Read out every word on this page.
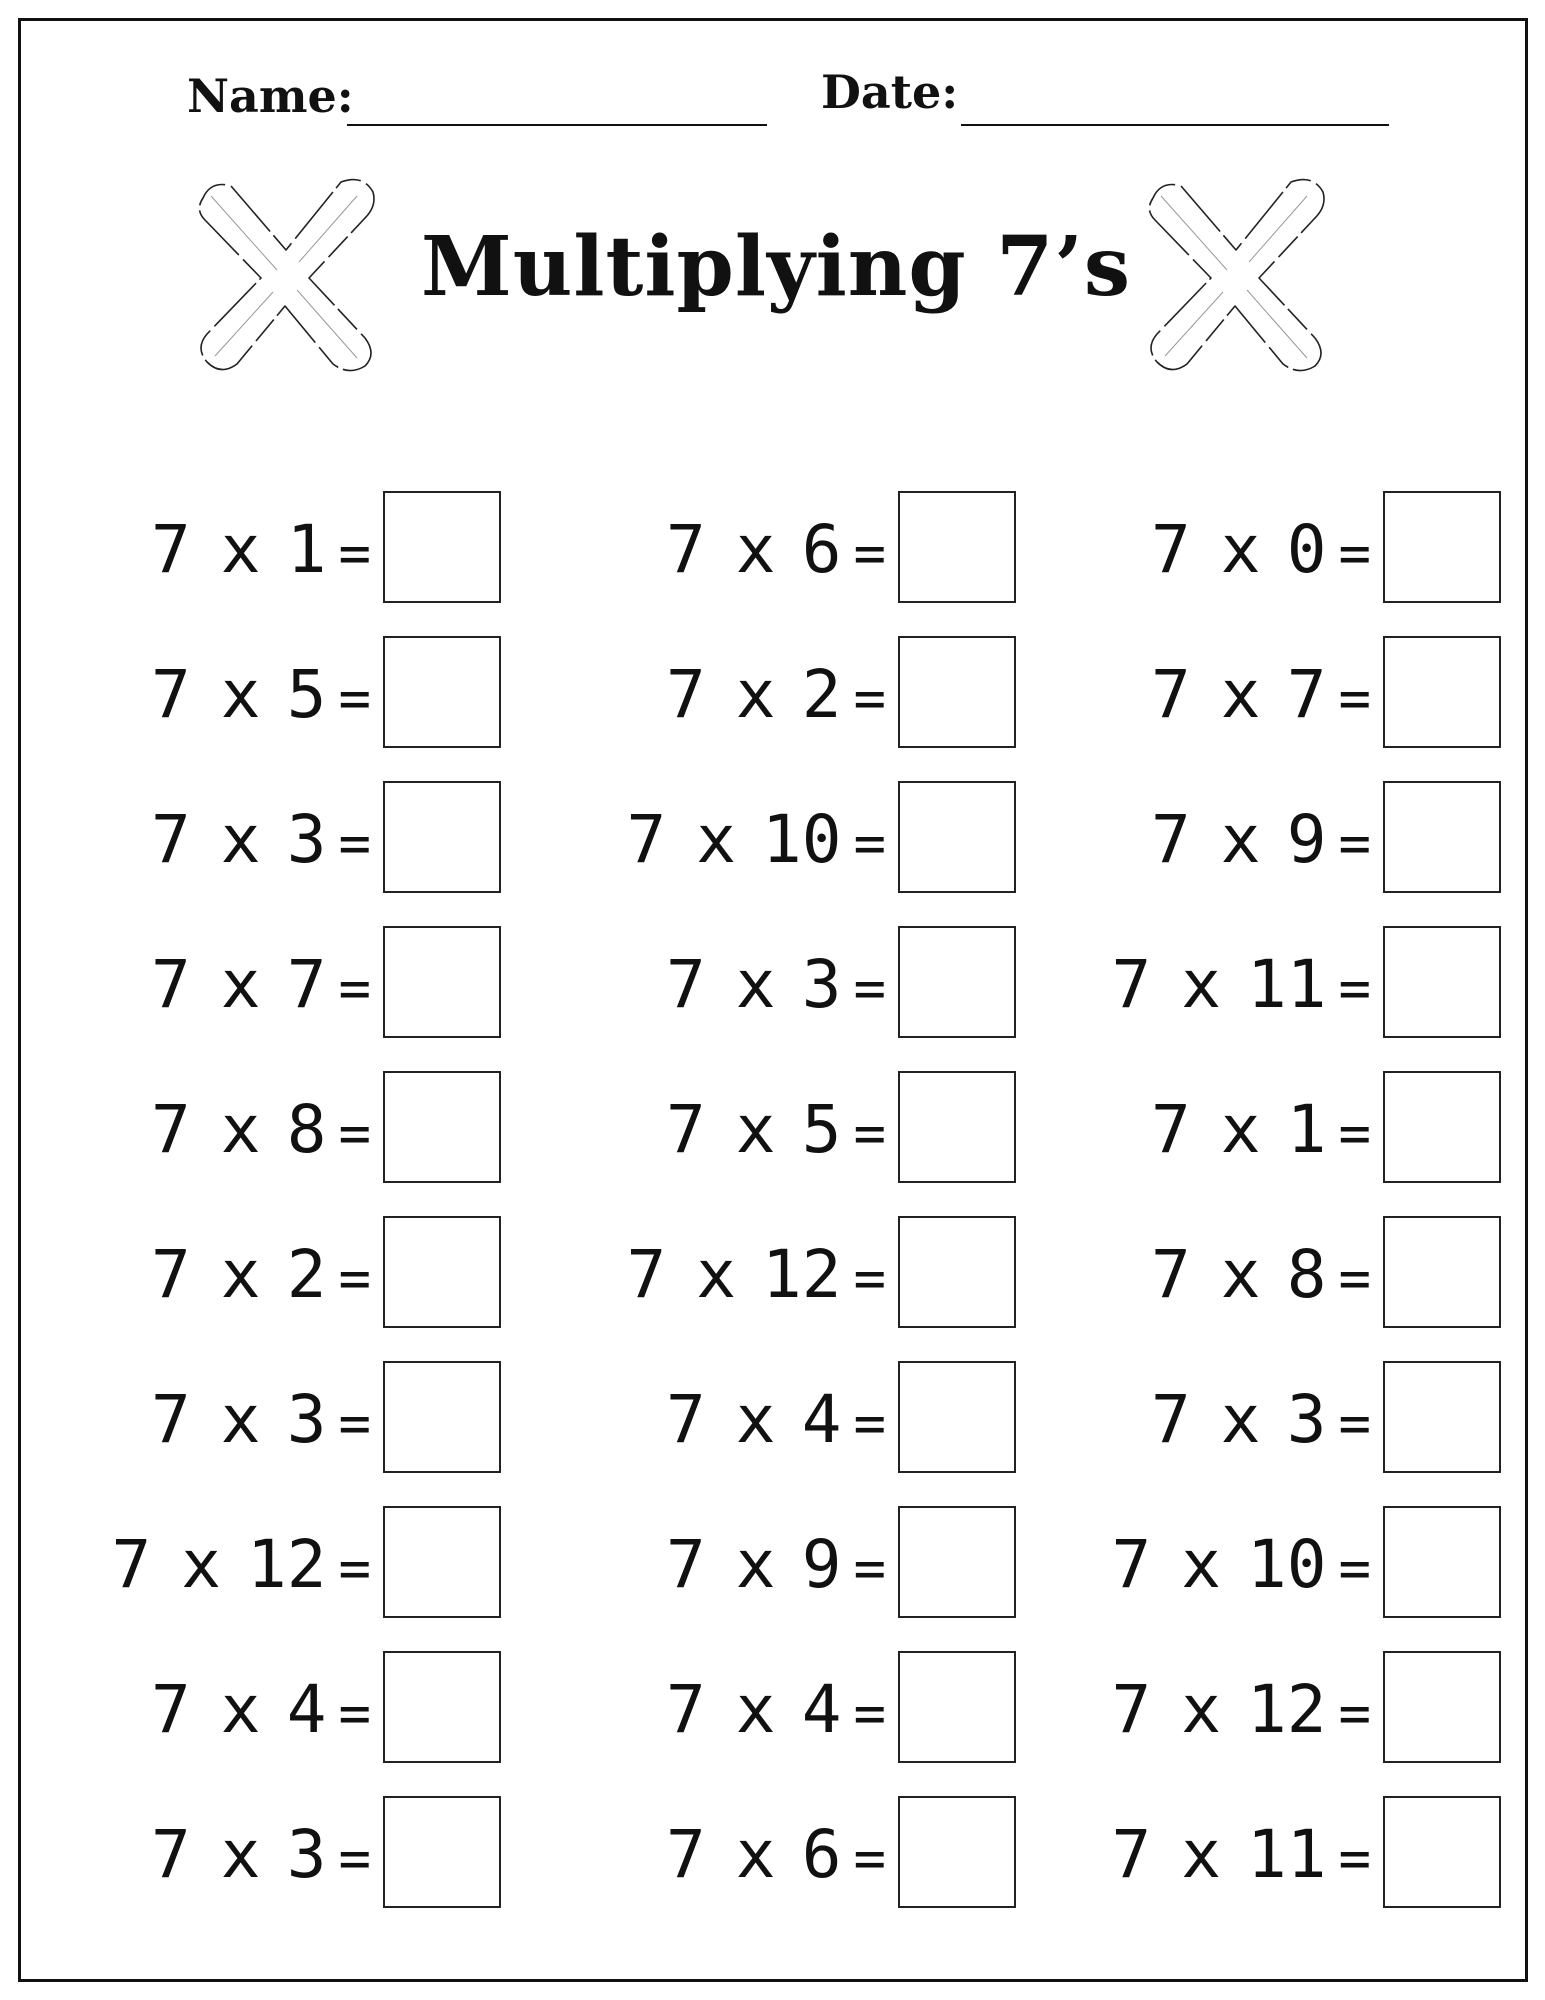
Name:	Date:
Multiplying 7’s
7 x 1 =
7 x 5 =
7 x 3 =
7 x 7 =
7 x 8 =
7 x 2 =
7 x 3 =
7 x 12 =
7 x 4 =
7 x 3 =
7 x 6 =
7 x 2 =
7 x 10 =
7 x 3 =
7 x 5 =
7 x 12 =
7 x 4 =
7 x 9 =
7 x 4 =
7 x 6 =
7 x 0 =
7 x 7 =
7 x 9 =
7 x 11 =
7 x 1 =
7 x 8 =
7 x 3 =
7 x 10 =
7 x 12 =
7 x 11 =
